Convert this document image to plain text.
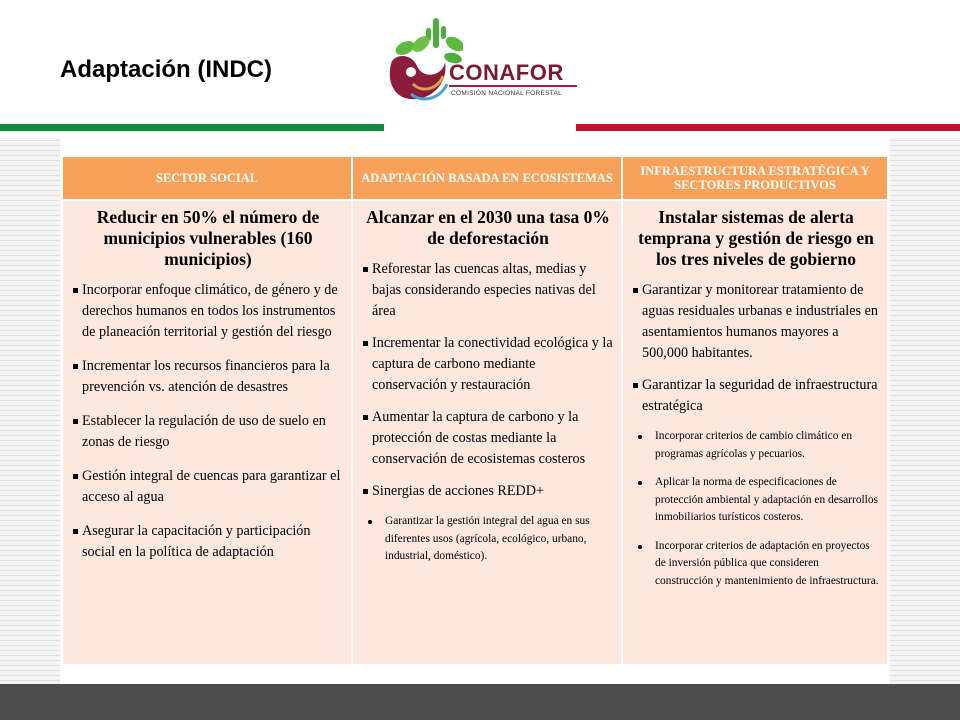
Adaptación (INDC)	CONAFOR
COMISIÓN NACIONAL FORESTAL
SECTOR SOCIAL
Reducir en 50% el número de municipios vulnerables (160 municipios)
Incorporar enfoque climático, de género y de derechos humanos en todos los instrumentos de planeación territorial y gestión del riesgo
Incrementar los recursos financieros para la prevención vs. atención de desastres
Establecer la regulación de uso de suelo en zonas de riesgo
Gestión integral de cuencas para garantizar el acceso al agua
Asegurar la capacitación y participación social en la política de adaptación
ADAPTACIÓN BASADA EN ECOSISTEMAS
Alcanzar en el 2030 una tasa 0% de deforestación
Reforestar las cuencas altas, medias y bajas considerando especies nativas del área
Incrementar la conectividad ecológica y la captura de carbono mediante conservación y restauración
Aumentar la captura de carbono y la protección de costas mediante la conservación de ecosistemas costeros
Sinergias de acciones REDD+
Garantizar la gestión integral del agua en sus diferentes usos (agrícola, ecológico, urbano, industrial, doméstico).
INFRAESTRUCTURA ESTRATÉGICA Y SECTORES PRODUCTIVOS
Instalar sistemas de alerta temprana y gestión de riesgo en los tres niveles de gobierno
Garantizar y monitorear tratamiento de aguas residuales urbanas e industriales en asentamientos humanos mayores a 500,000 habitantes.
Garantizar la seguridad de infraestructura estratégica
Incorporar criterios de cambio climático en programas agrícolas y pecuarios.
Aplicar la norma de especificaciones de protección ambiental y adaptación en desarrollos inmobiliarios turísticos costeros.
Incorporar criterios de adaptación en proyectos de inversión pública que consideren construcción y mantenimiento de infraestructura.
